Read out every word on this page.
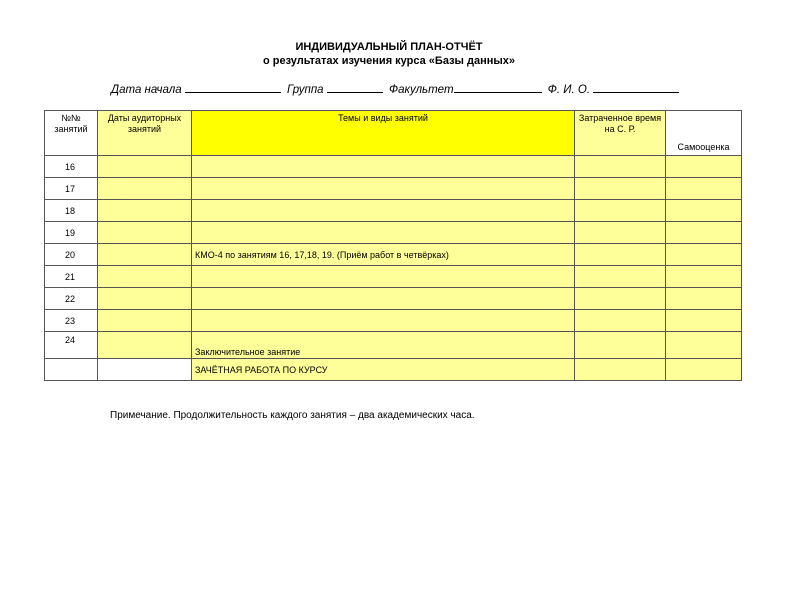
ИНДИВИДУАЛЬНЫЙ ПЛАН-ОТЧЁТ
о результатах изучения курса «Базы данных»
Дата начала	Группа	Факультет	Ф. И. О.
№№ занятий	Даты аудиторных занятий	Темы и виды занятий	Затраченное время на С. Р.	Самооценка
16				
17				
18				
19				
20		КМО-4 по занятиям 16, 17,18, 19. (Приём работ в четвёрках)		
21				
22				
23				
24		Заключительное занятие		
		ЗАЧЁТНАЯ РАБОТА ПО КУРСУ		
Примечание. Продолжительность каждого занятия – два академических часа.
